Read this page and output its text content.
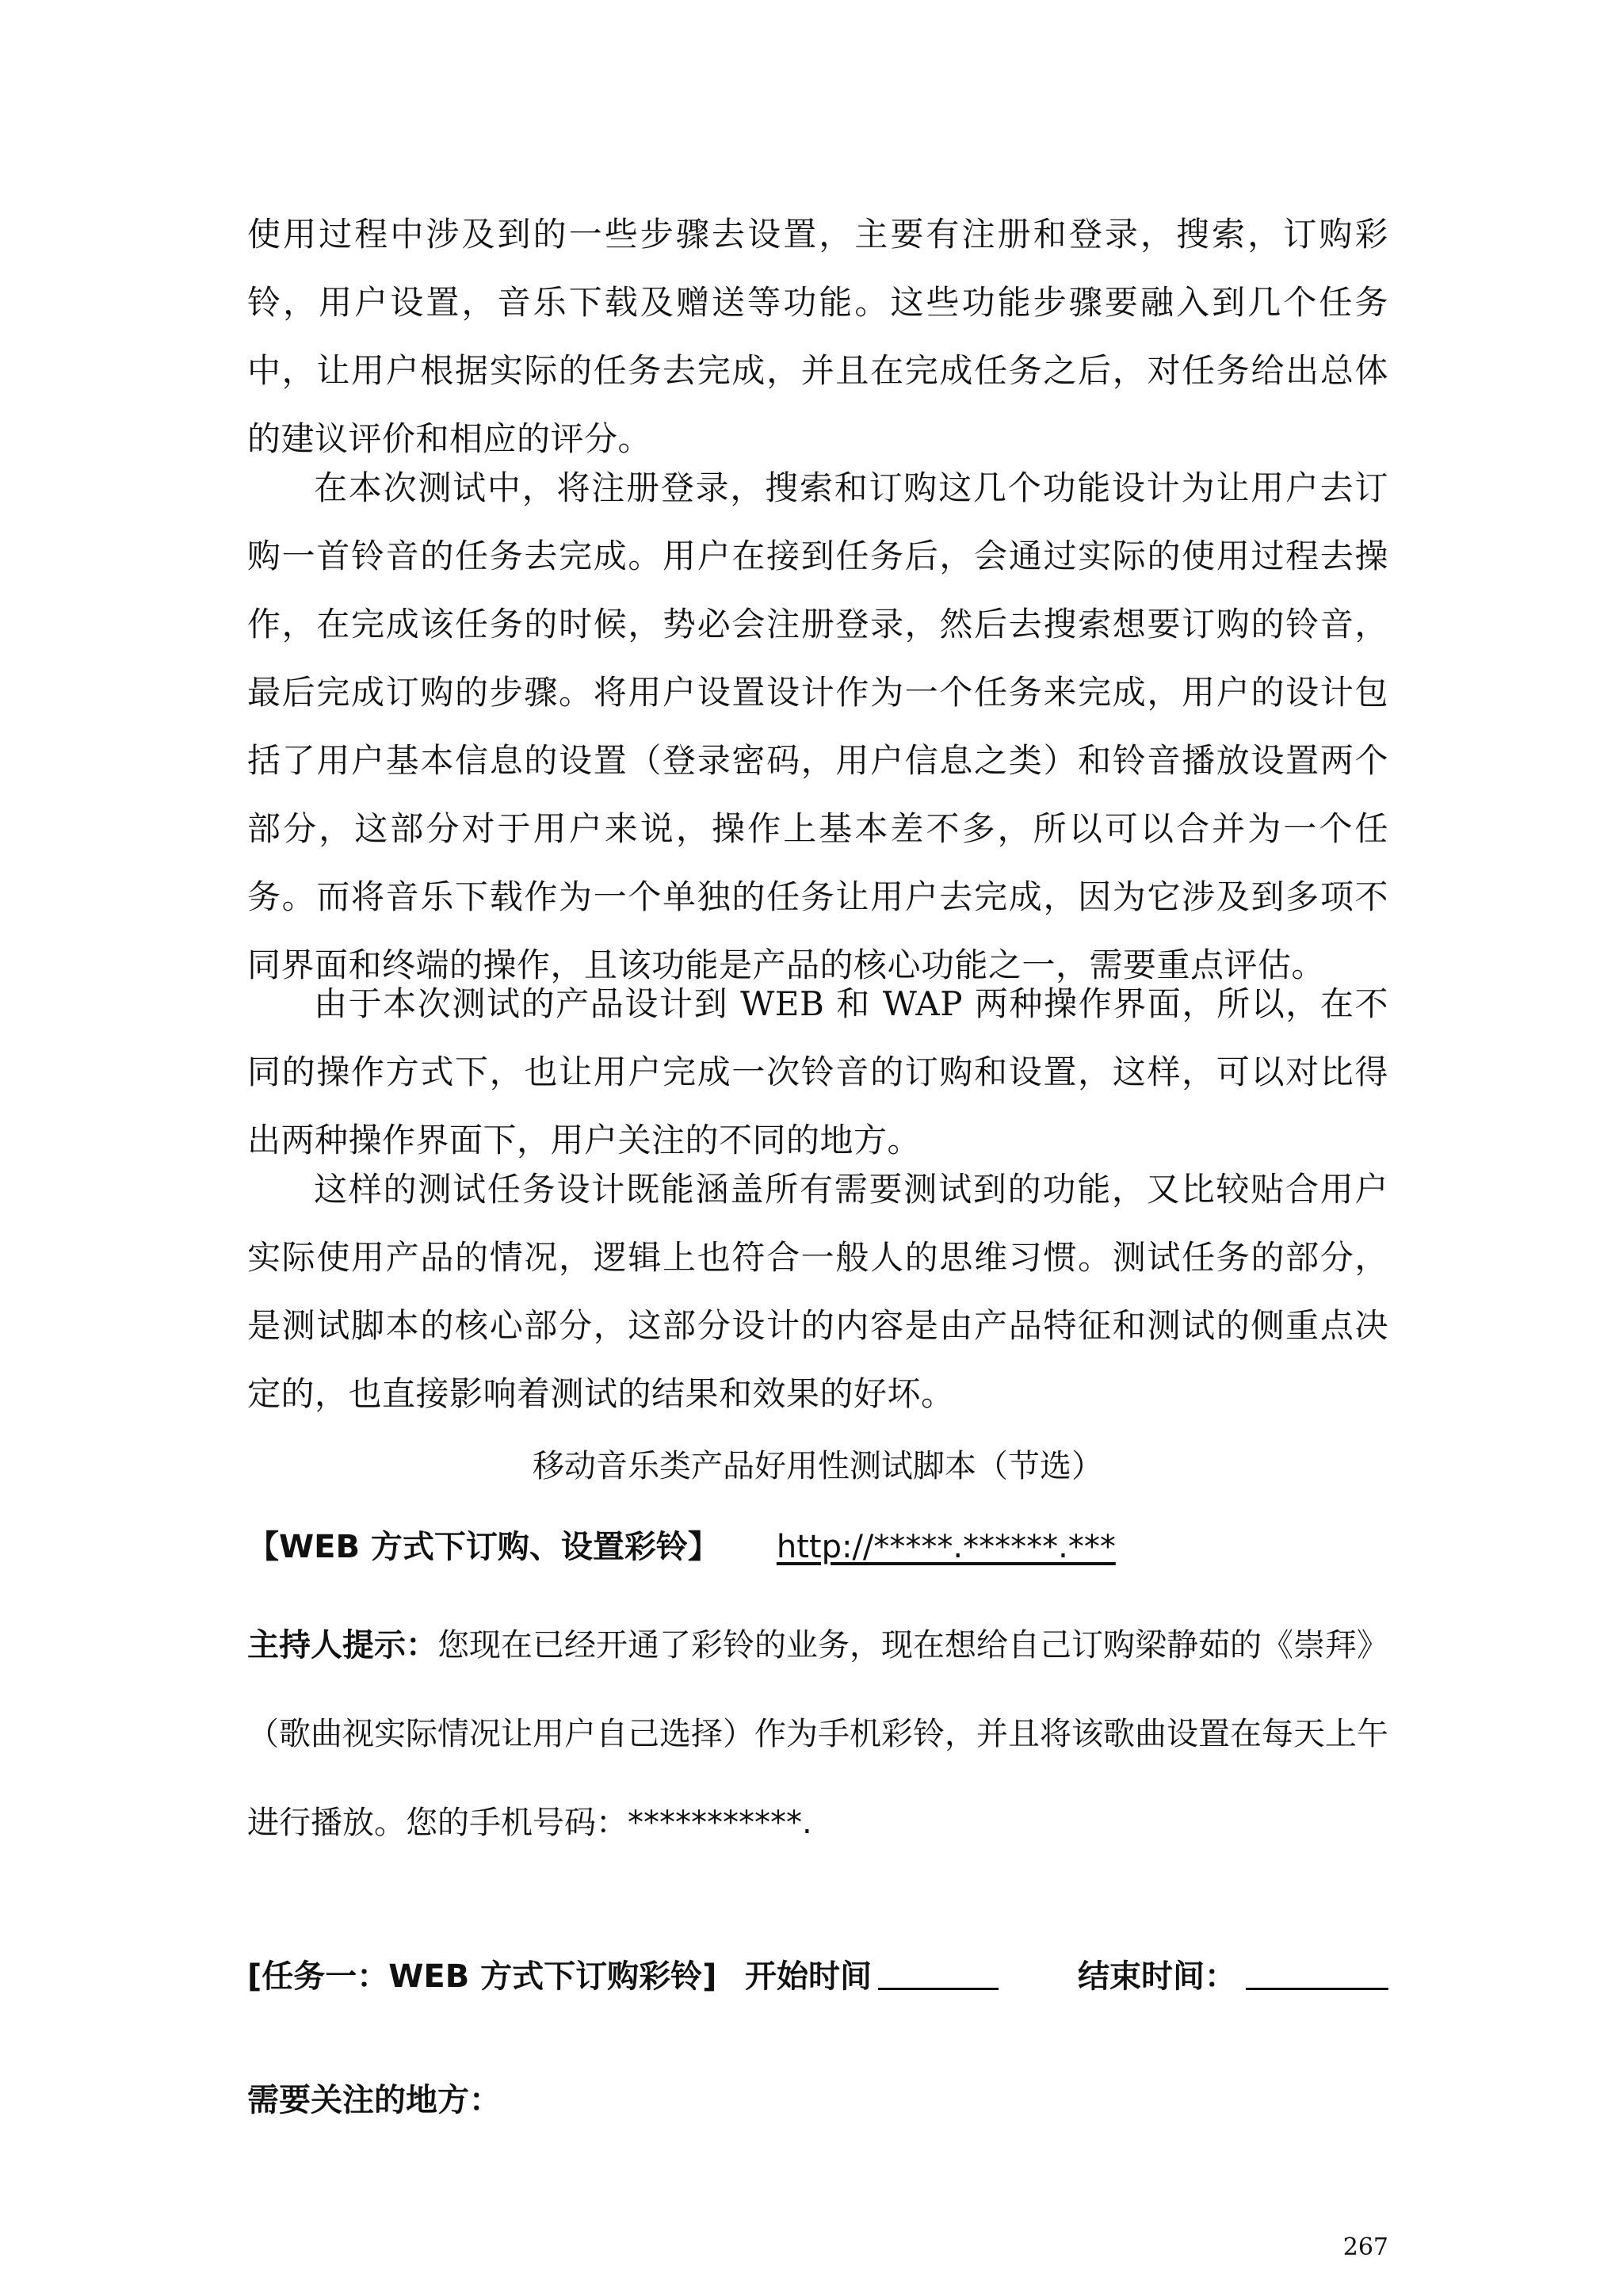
使用过程中涉及到的一些步骤去设置，主要有注册和登录，搜索，订购彩铃，用户设置，音乐下载及赠送等功能。这些功能步骤要融入到几个任务中，让用户根据实际的任务去完成，并且在完成任务之后，对任务给出总体的建议评价和相应的评分。

在本次测试中，将注册登录，搜索和订购这几个功能设计为让用户去订购一首铃音的任务去完成。用户在接到任务后，会通过实际的使用过程去操作，在完成该任务的时候，势必会注册登录，然后去搜索想要订购的铃音，最后完成订购的步骤。将用户设置设计作为一个任务来完成，用户的设计包括了用户基本信息的设置（登录密码，用户信息之类）和铃音播放设置两个部分，这部分对于用户来说，操作上基本差不多，所以可以合并为一个任务。而将音乐下载作为一个单独的任务让用户去完成，因为它涉及到多项不同界面和终端的操作，且该功能是产品的核心功能之一，需要重点评估。

由于本次测试的产品设计到 WEB 和 WAP 两种操作界面，所以，在不同的操作方式下，也让用户完成一次铃音的订购和设置，这样，可以对比得出两种操作界面下，用户关注的不同的地方。

这样的测试任务设计既能涵盖所有需要测试到的功能，又比较贴合用户实际使用产品的情况，逻辑上也符合一般人的思维习惯。测试任务的部分，是测试脚本的核心部分，这部分设计的内容是由产品特征和测试的侧重点决定的，也直接影响着测试的结果和效果的好坏。

移动音乐类产品好用性测试脚本（节选）
【WEB 方式下订购、设置彩铃】 http://*****.******.***
主持人提示：您现在已经开通了彩铃的业务，现在想给自己订购梁静茹的《崇拜》（歌曲视实际情况让用户自己选择）作为手机彩铃，并且将该歌曲设置在每天上午进行播放。您的手机号码：***********.
[任务一：WEB 方式下订购彩铃] 开始时间	结束时间：
需要关注的地方：
267
